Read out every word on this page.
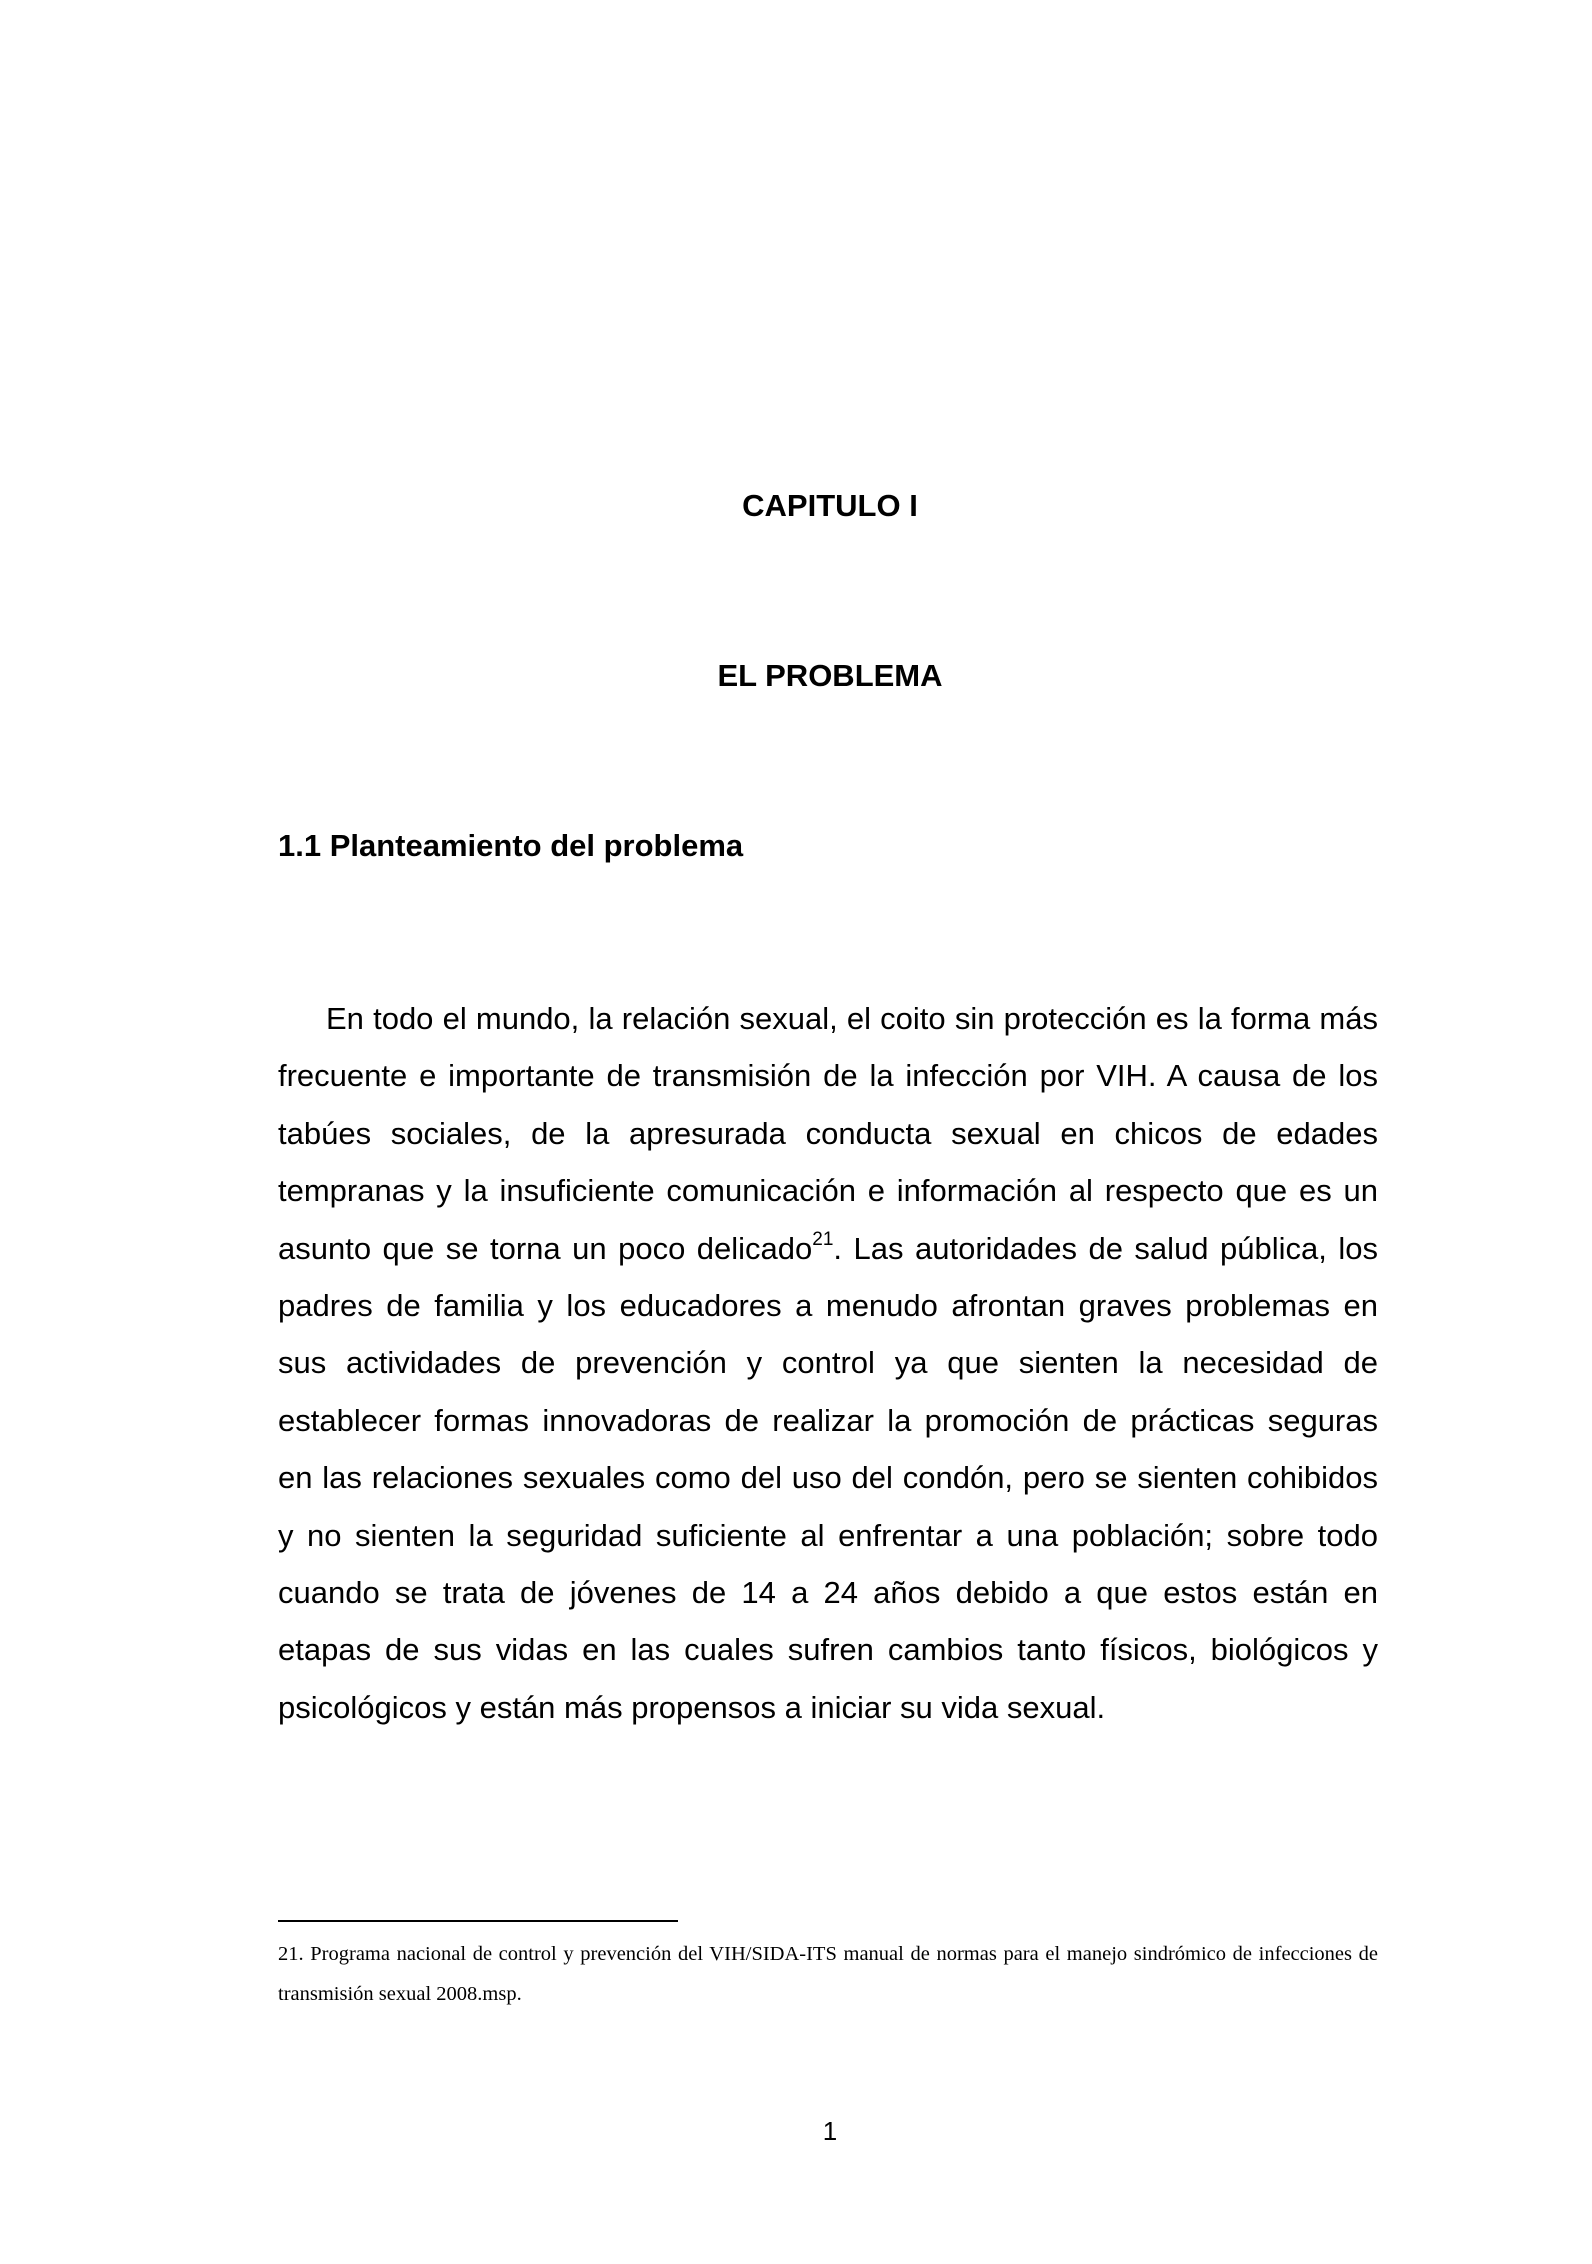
CAPITULO I
EL PROBLEMA
1.1 Planteamiento del problema

En todo el mundo, la relación sexual, el coito sin protección es la forma más frecuente e importante de transmisión de la infección por VIH. A causa de los tabúes sociales, de la apresurada conducta sexual en chicos de edades tempranas y la insuficiente comunicación e información al respecto que es un asunto que se torna un poco delicado$^{21}$. Las autoridades de salud pública, los padres de familia y los educadores a menudo afrontan graves problemas en sus actividades de prevención y control ya que sienten la necesidad de establecer formas innovadoras de realizar la promoción de prácticas seguras en las relaciones sexuales como del uso del condón, pero se sienten cohibidos y no sienten la seguridad suficiente al enfrentar a una población; sobre todo cuando se trata de jóvenes de 14 a 24 años debido a que estos están en etapas de sus vidas en las cuales sufren cambios tanto físicos, biológicos y psicológicos y están más propensos a iniciar su vida sexual.

21. Programa nacional de control y prevención del VIH/SIDA-ITS manual de normas para el manejo sindrómico de infecciones de transmisión sexual 2008.msp.

1
